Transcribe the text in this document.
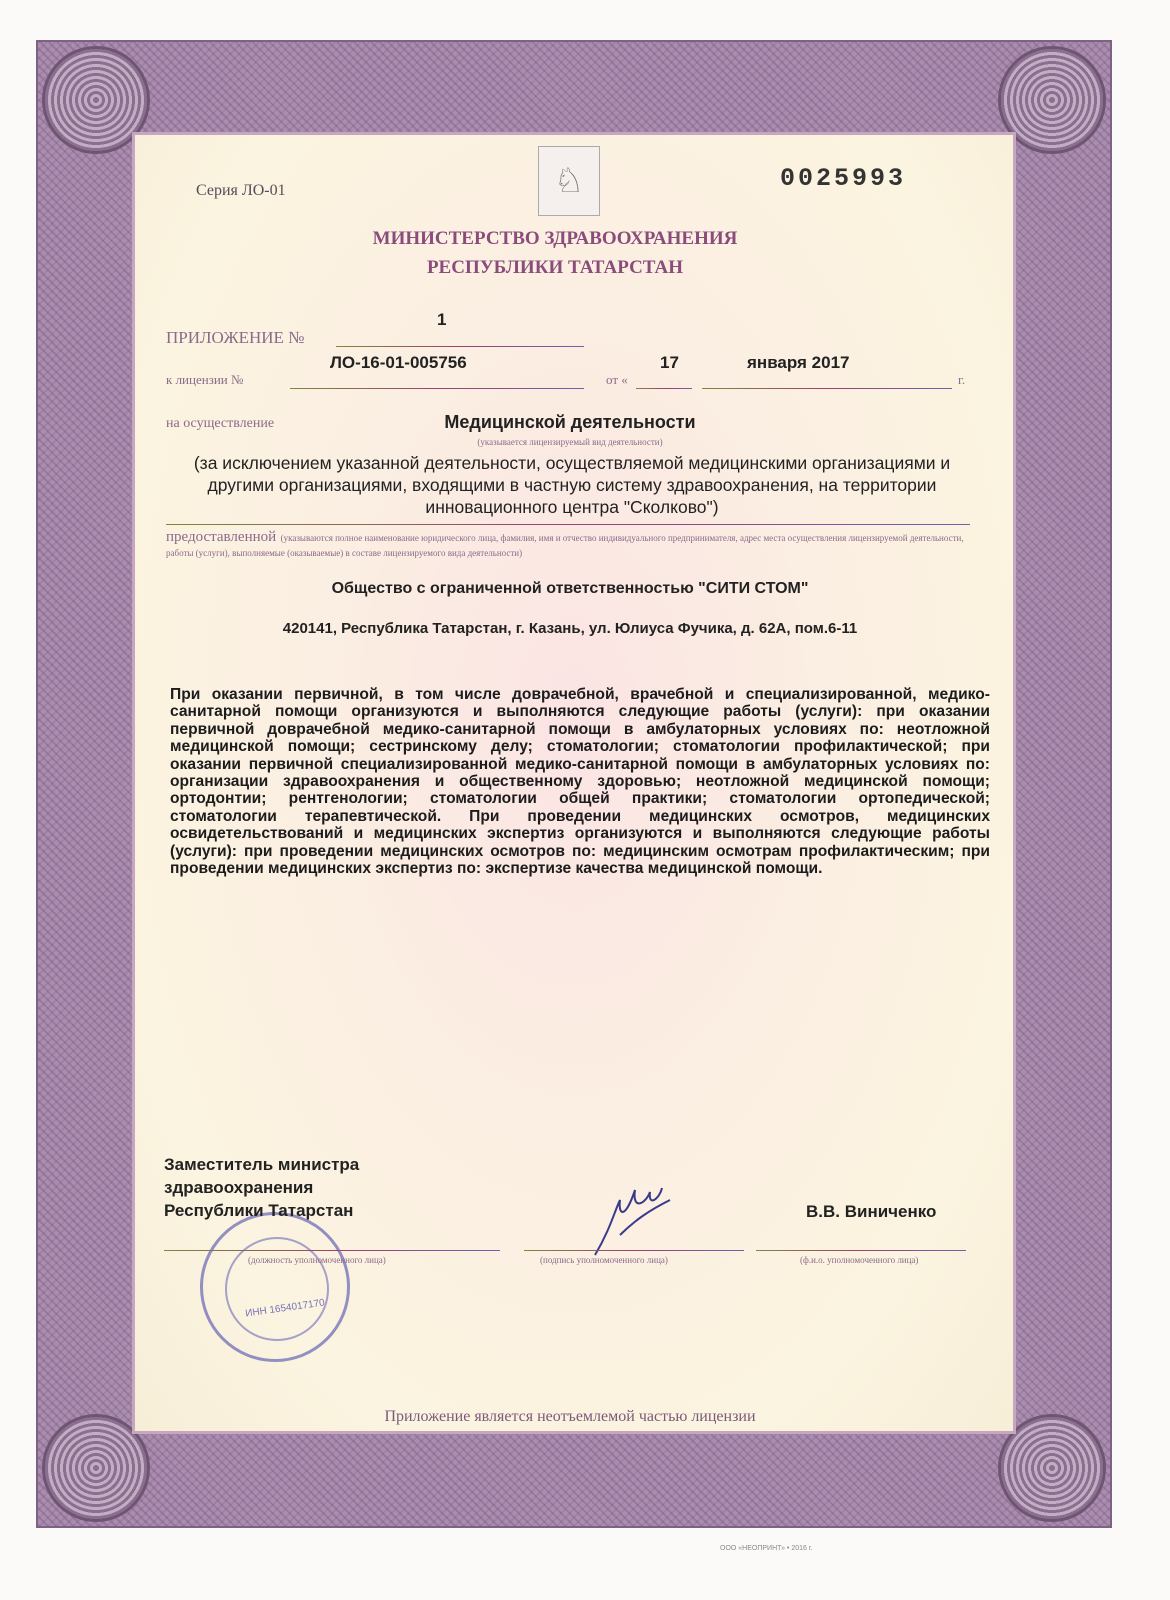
♘
Серия ЛО-01	0025993
МИНИСТЕРСТВО ЗДРАВООХРАНЕНИЯ
РЕСПУБЛИКИ ТАТАРСТАН
ПРИЛОЖЕНИЕ №
1
к лицензии №
ЛО-16-01-005756
от «
17	января 2017
г.
на осуществление	Медицинской деятельности
(указывается лицензируемый вид деятельности)
(за исключением указанной деятельности, осуществляемой медицинскими организациями и другими организациями, входящими в частную систему здравоохранения, на территории инновационного центра "Сколково")
предоставленной (указываются полное наименование юридического лица, фамилия, имя и отчество индивидуального предпринимателя, адрес места осуществления лицензируемой деятельности, работы (услуги), выполняемые (оказываемые) в составе лицензируемого вида деятельности)
Общество с ограниченной ответственностью "СИТИ СТОМ"
420141, Республика Татарстан, г. Казань, ул. Юлиуса Фучика, д. 62А, пом.6-11
При оказании первичной, в том числе доврачебной, врачебной и специализированной, медико-санитарной помощи организуются и выполняются следующие работы (услуги): при оказании первичной доврачебной медико-санитарной помощи в амбулаторных условиях по: неотложной медицинской помощи; сестринскому делу; стоматологии; стоматологии профилактической; при оказании первичной специализированной медико-санитарной помощи в амбулаторных условиях по: организации здравоохранения и общественному здоровью; неотложной медицинской помощи; ортодонтии; рентгенологии; стоматологии общей практики; стоматологии ортопедической; стоматологии терапевтической. При проведении медицинских осмотров, медицинских освидетельствований и медицинских экспертиз организуются и выполняются следующие работы (услуги): при проведении медицинских осмотров по: медицинским осмотрам профилактическим; при проведении медицинских экспертиз по: экспертизе качества медицинской помощи.
ИНН 1654017170
Заместитель министра
здравоохранения
Республики Татарстан	В.В. Виниченко
(должность уполномоченного лица)	(подпись уполномоченного лица)	(ф.и.о. уполномоченного лица)
Приложение является неотъемлемой частью лицензии
ООО «НЕОПРИНТ» • 2016 г.
